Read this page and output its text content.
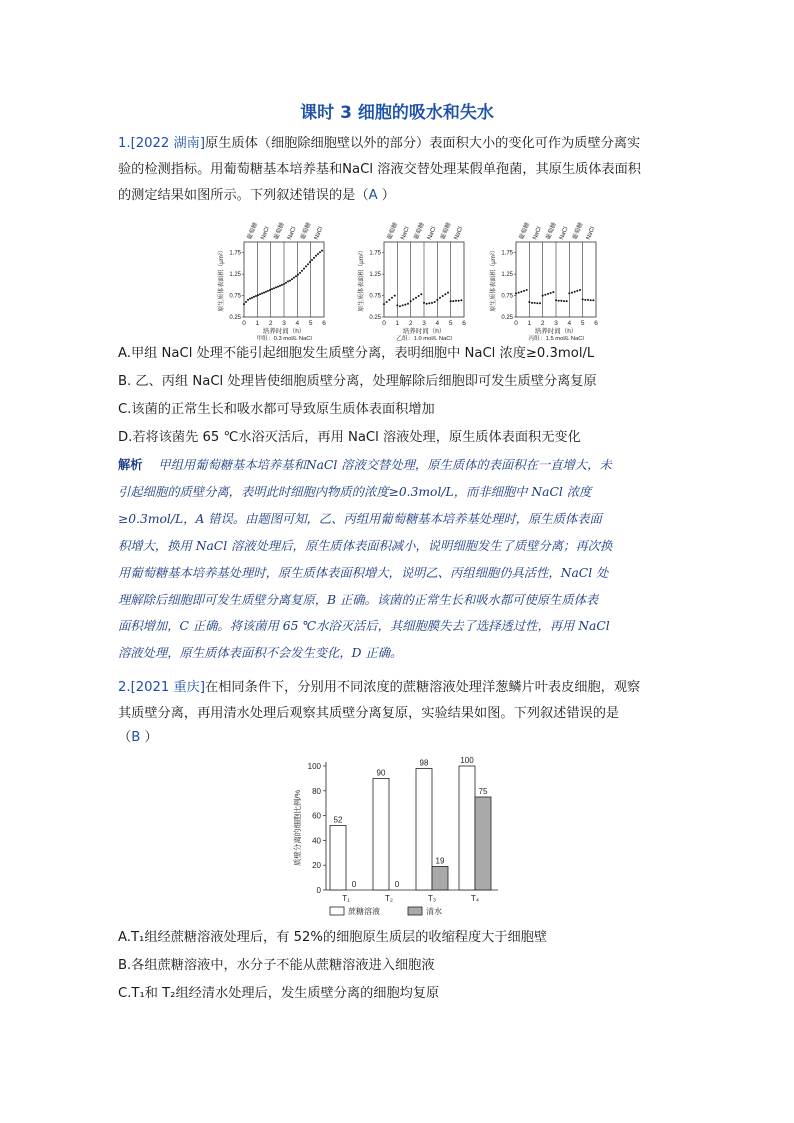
课时 3 细胞的吸水和失水
1.[2022 湖南]原生质体（细胞除细胞壁以外的部分）表面积大小的变化可作为质壁分离实
验的检测指标。用葡萄糖基本培养基和NaCl 溶液交替处理某假单孢菌，其原生质体表面积
的测定结果如图所示。下列叙述错误的是（A ）
葡萄糖 NaCl 葡萄糖 NaCl 葡萄糖 NaCl
0.25
0.75
1.25
1.75
0 1 2 3 4 5 6
培养时间（h）
甲组：0.3 mol/L NaCl
原生质体表面积（μm²）
葡萄糖 NaCl 葡萄糖 NaCl 葡萄糖 NaCl
0.25
0.75
1.25
1.75
0 1 2 3 4 5 6
培养时间（h）
乙组：1.0 mol/L NaCl
原生质体表面积（μm²）
葡萄糖 NaCl 葡萄糖 NaCl 葡萄糖 NaCl
0.25
0.75
1.25
1.75
0 1 2 3 4 5 6
培养时间（h）
丙组：1.5 mol/L NaCl
原生质体表面积（μm²）
A.甲组 NaCl 处理不能引起细胞发生质壁分离，表明细胞中 NaCl 浓度≥0.3mol/L
B. 乙、丙组 NaCl 处理皆使细胞质壁分离，处理解除后细胞即可发生质壁分离复原
C.该菌的正常生长和吸水都可导致原生质体表面积增加
D.若将该菌先 65 ℃水浴灭活后，再用 NaCl 溶液处理，原生质体表面积无变化
解析 甲组用葡萄糖基本培养基和NaCl 溶液交替处理，原生质体的表面积在一直增大，未
引起细胞的质壁分离，表明此时细胞内物质的浓度≥0.3mol/L，而非细胞中 NaCl 浓度
≥0.3mol/L，A 错误。由题图可知，乙、丙组用葡萄糖基本培养基处理时，原生质体表面
积增大，换用 NaCl 溶液处理后，原生质体表面积减小，说明细胞发生了质壁分离；再次换
用葡萄糖基本培养基处理时，原生质体表面积增大，说明乙、丙组细胞仍具活性，NaCl 处
理解除后细胞即可发生质壁分离复原，B 正确。该菌的正常生长和吸水都可使原生质体表
面积增加，C 正确。将该菌用 65 ℃水浴灭活后，其细胞膜失去了选择透过性，再用 NaCl
溶液处理，原生质体表面积不会发生变化，D 正确。
2.[2021 重庆]在相同条件下，分别用不同浓度的蔗糖溶液处理洋葱鳞片叶表皮细胞，观察
其质壁分离，再用清水处理后观察其质壁分离复原，实验结果如图。下列叙述错误的是
（B ）
0
20
40
60
80
100
质壁分离的细胞比例/%	52
0
T₁
90
0
T₂
98
19
T₃
100
75
T₄
蔗糖溶液	清水
A.T₁组经蔗糖溶液处理后，有 52%的细胞原生质层的收缩程度大于细胞壁
B.各组蔗糖溶液中，水分子不能从蔗糖溶液进入细胞液
C.T₁和 T₂组经清水处理后，发生质壁分离的细胞均复原
